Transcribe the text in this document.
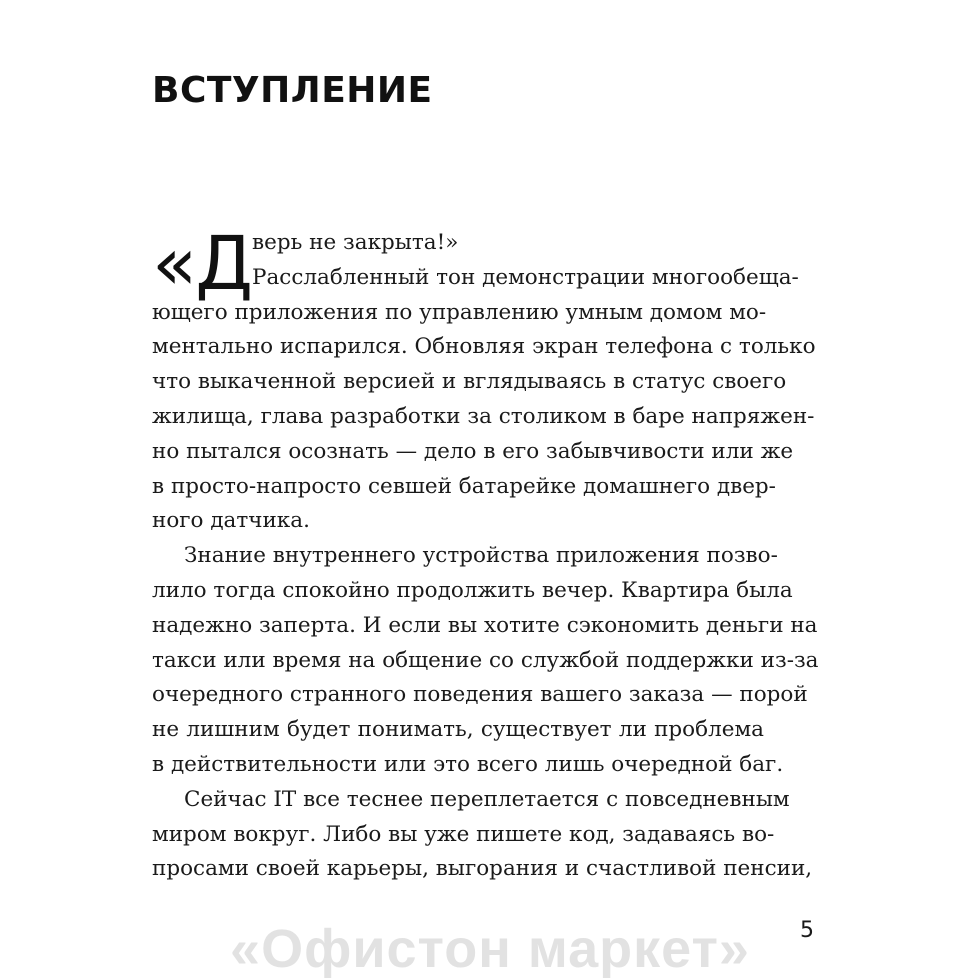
ВСТУПЛЕНИЕ
«Д верь не закрыта!»
Расслабленный тон демонстрации многообеща-
ющего приложения по управлению умным домом мо-
ментально испарился. Обновляя экран телефона с только
что выкаченной версией и вглядываясь в статус своего
жилища, глава разработки за столиком в баре напряжен-
но пытался осознать — дело в его забывчивости или же
в просто-напросто севшей батарейке домашнего двер-
ного датчика.
Знание внутреннего устройства приложения позво-
лило тогда спокойно продолжить вечер. Квартира была
надежно заперта. И если вы хотите сэкономить деньги на
такси или время на общение со службой поддержки из-за
очередного странного поведения вашего заказа — порой
не лишним будет понимать, существует ли проблема
в действительности или это всего лишь очередной баг.
Сейчас IT все теснее переплетается с повседневным
миром вокруг. Либо вы уже пишете код, задаваясь во-
просами своей карьеры, выгорания и счастливой пенсии,
«Офистон маркет»	5
